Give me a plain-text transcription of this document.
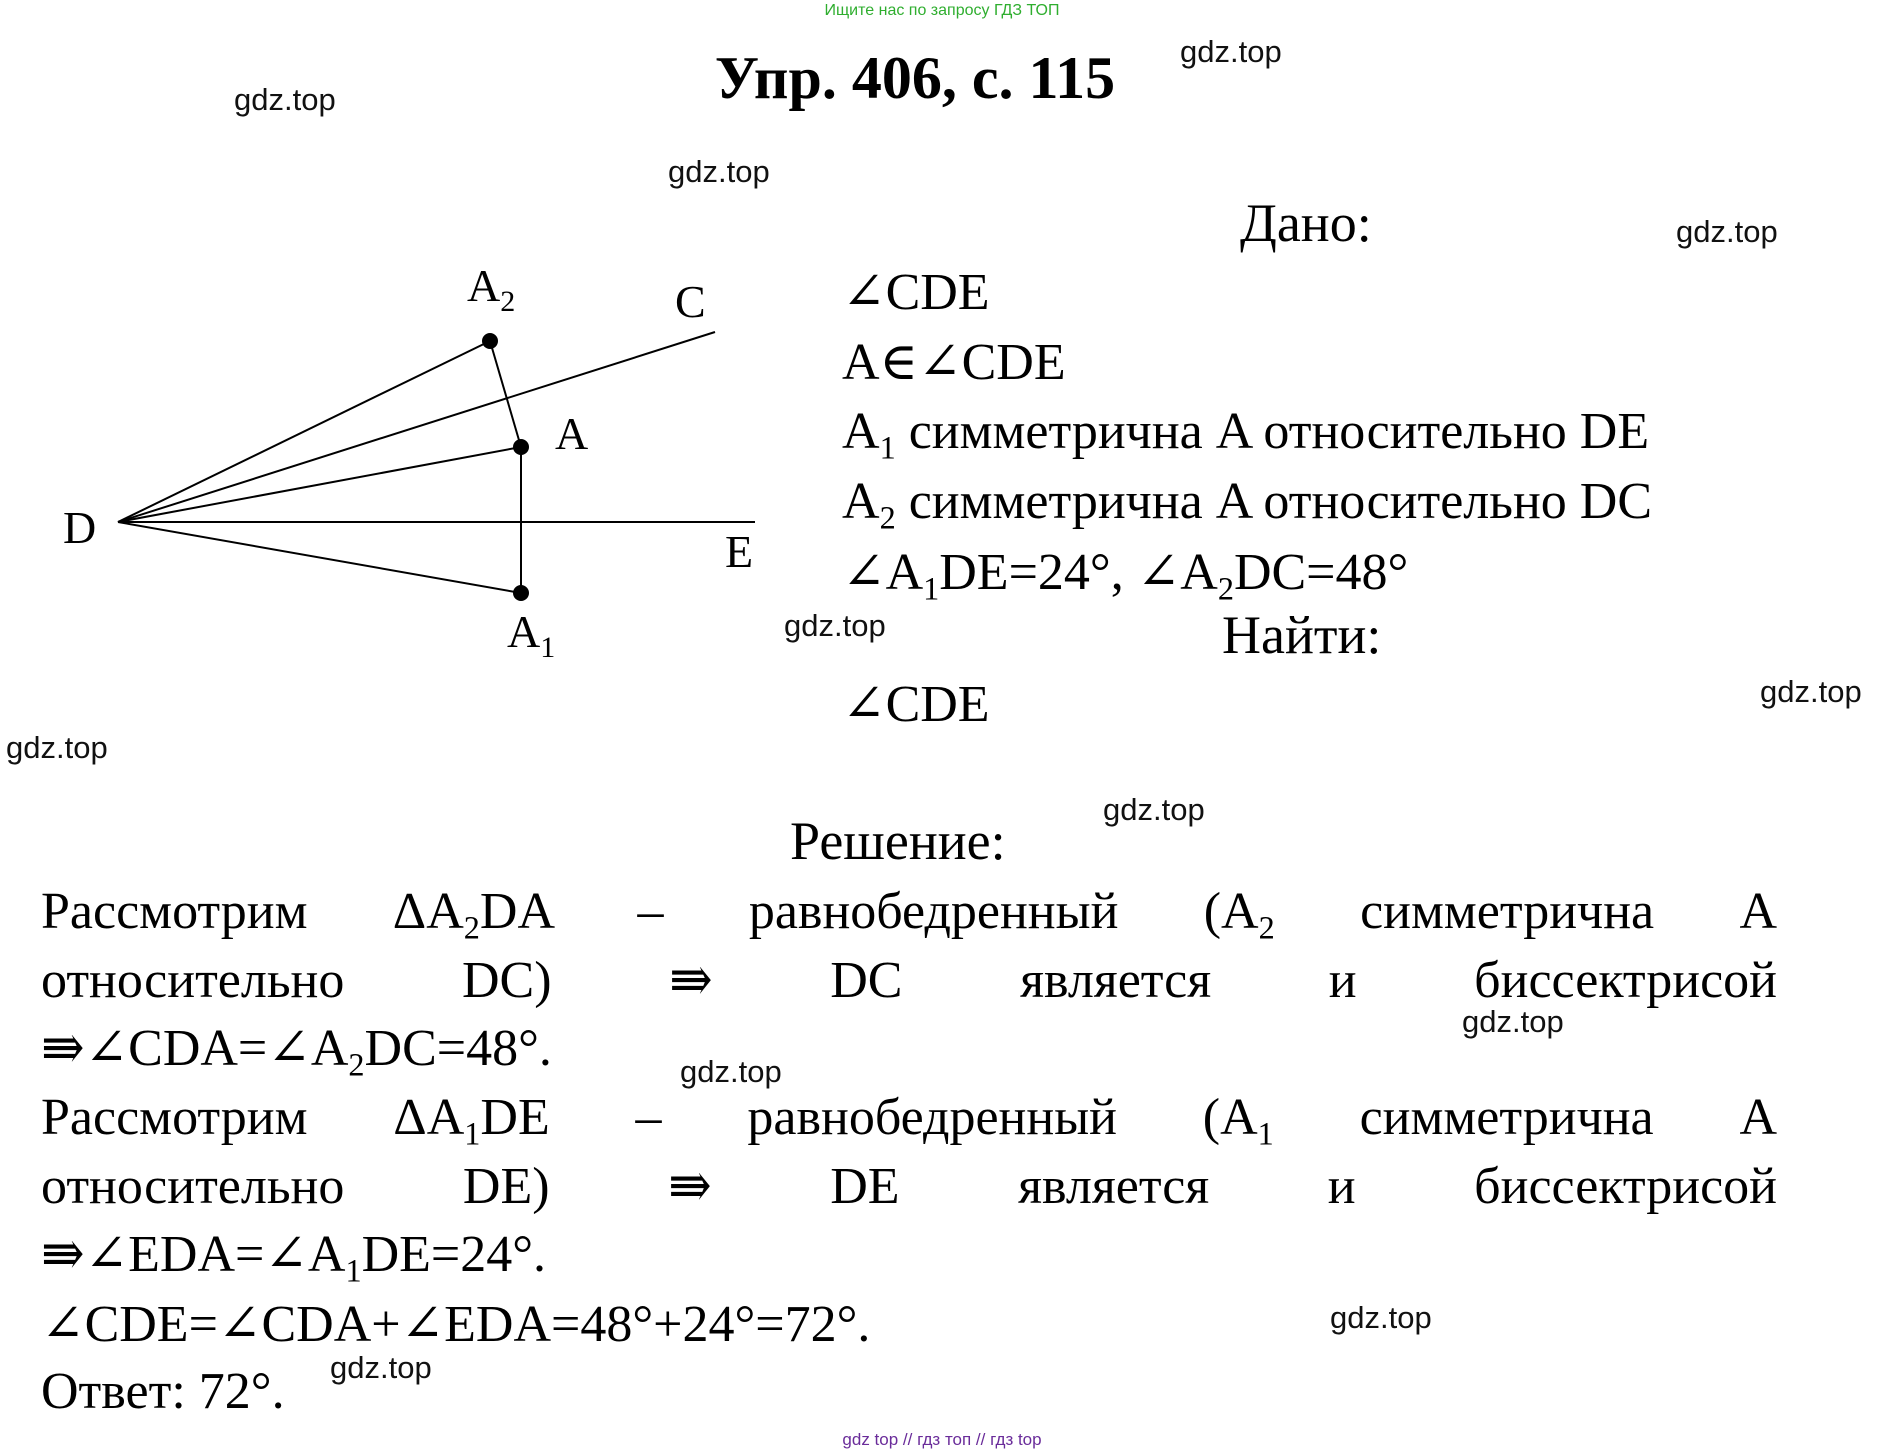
Ищите нас по запросу ГДЗ ТОП
Упр. 406, с. 115	gdz.top
gdz.top
gdz.top
gdz.top
gdz.top
gdz.top
gdz.top
gdz.top
gdz.top
gdz.top
gdz.top
gdz.top
D
C
E
A
$A_2$
$A_1$
Дано:
∠CDE
A∈∠CDE
$A_1$ симметрична A относительно DE
$A_2$ симметрична A относительно DC
$\angle A_1DE=24^\circ$, $\angle A_2DC=48^\circ$
Найти:
∠CDE
Решение:
Рассмотрим $\Delta A_2DA$ – равнобедренный ($A_2$ симметрична A
относительно DC) ⇛ DC является и биссектрисой
$⇛\angle CDA=\angle A_2DC=48^\circ$.
Рассмотрим $\Delta A_1DE$ – равнобедренный ($A_1$ симметрична A
относительно DE) ⇛ DE является и биссектрисой
$⇛\angle EDA=\angle A_1DE=24^\circ$.
∠CDE=∠CDA+∠EDA=48°+24°=72°.
Ответ: 72°.
gdz top // гдз топ // гдз top
